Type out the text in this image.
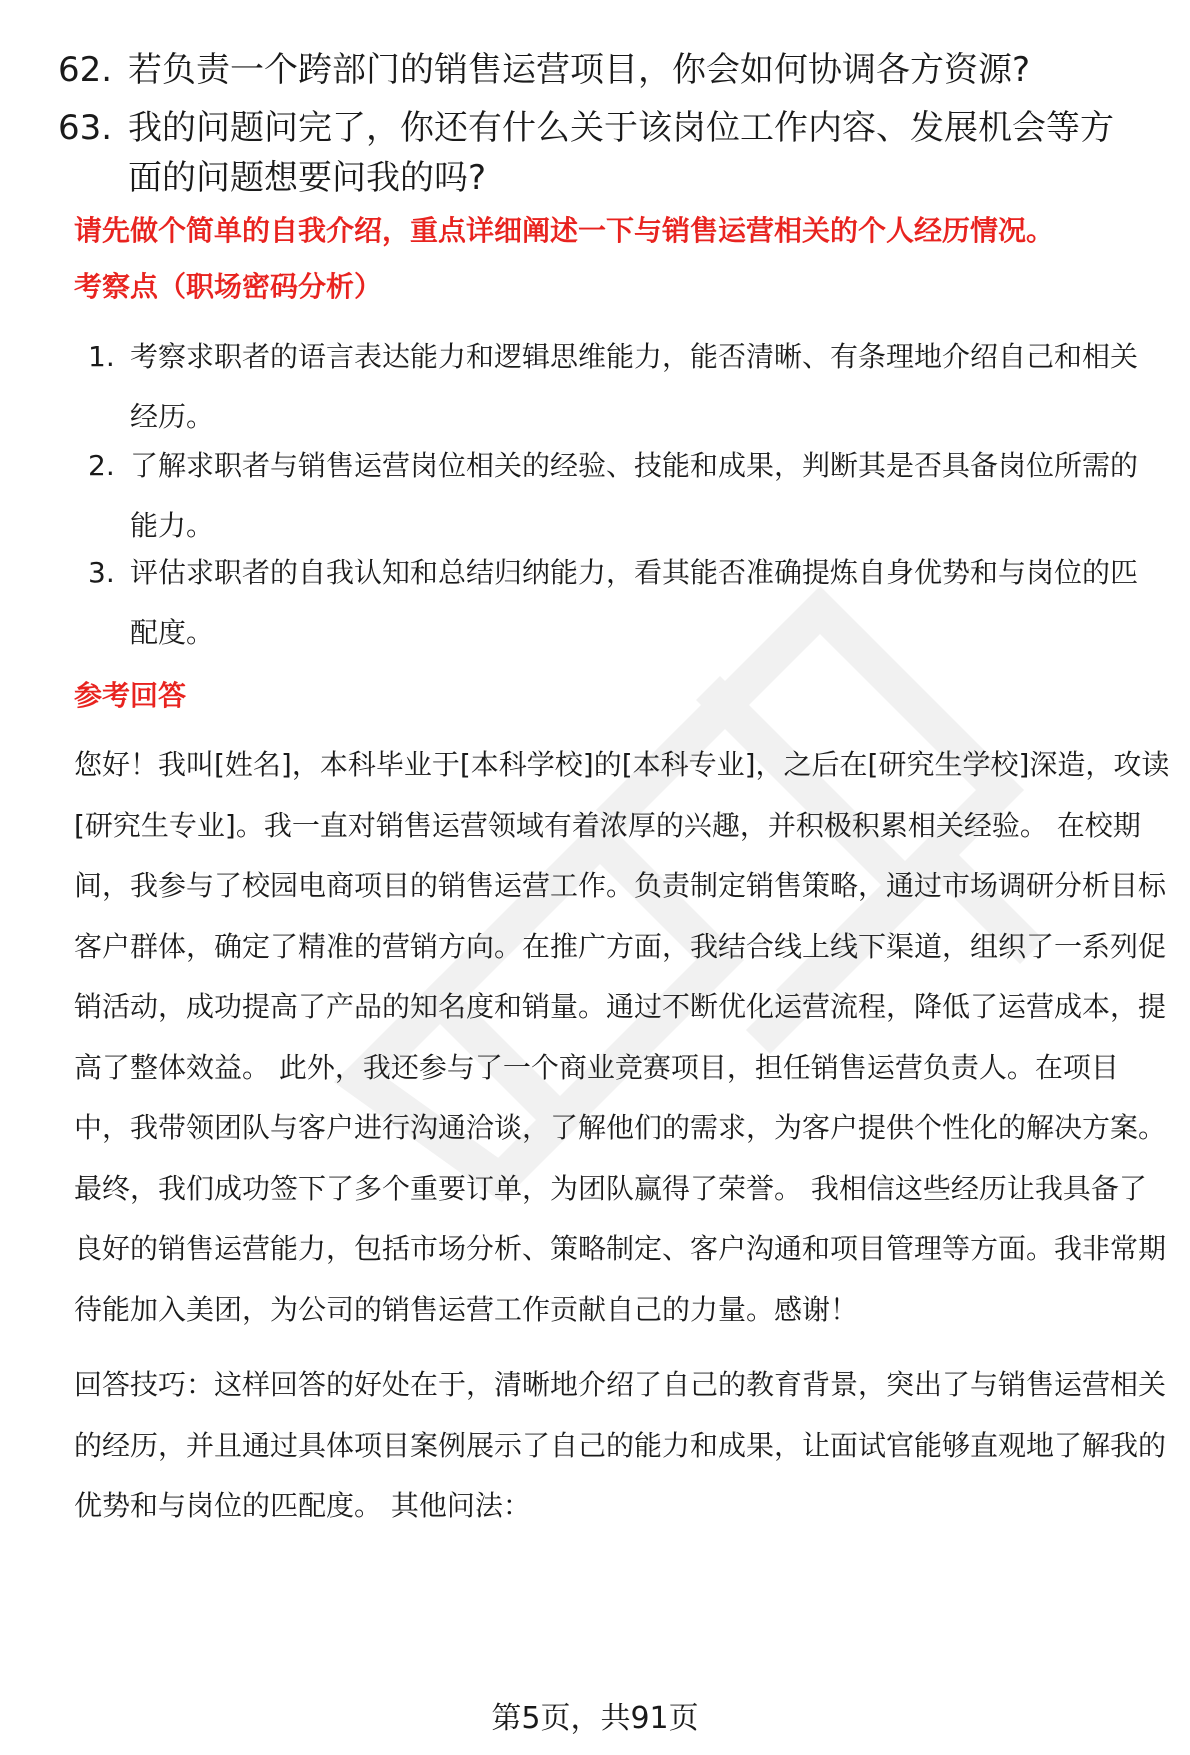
62. 若负责一个跨部门的销售运营项目，你会如何协调各方资源?
63. 我的问题问完了，你还有什么关于该岗位工作内容、发展机会等方面的问题想要问我的吗?
请先做个简单的自我介绍，重点详细阐述一下与销售运营相关的个人经历情况。
考察点（职场密码分析）
1. 考察求职者的语言表达能力和逻辑思维能力，能否清晰、有条理地介绍自己和相关经历。
2. 了解求职者与销售运营岗位相关的经验、技能和成果，判断其是否具备岗位所需的能力。
3. 评估求职者的自我认知和总结归纳能力，看其能否准确提炼自身优势和与岗位的匹配度。
参考回答
您好！我叫[姓名]，本科毕业于[本科学校]的[本科专业]，之后在[研究生学校]深造，攻读[研究生专业]。我一直对销售运营领域有着浓厚的兴趣，并积极积累相关经验。 在校期间，我参与了校园电商项目的销售运营工作。负责制定销售策略，通过市场调研分析目标客户群体，确定了精准的营销方向。在推广方面，我结合线上线下渠道，组织了一系列促销活动，成功提高了产品的知名度和销量。通过不断优化运营流程，降低了运营成本，提高了整体效益。 此外，我还参与了一个商业竞赛项目，担任销售运营负责人。在项目中，我带领团队与客户进行沟通洽谈，了解他们的需求，为客户提供个性化的解决方案。最终，我们成功签下了多个重要订单，为团队赢得了荣誉。 我相信这些经历让我具备了良好的销售运营能力，包括市场分析、策略制定、客户沟通和项目管理等方面。我非常期待能加入美团，为公司的销售运营工作贡献自己的力量。感谢！
回答技巧：这样回答的好处在于，清晰地介绍了自己的教育背景，突出了与销售运营相关的经历，并且通过具体项目案例展示了自己的能力和成果，让面试官能够直观地了解我的优势和与岗位的匹配度。 其他问法：
第5页，共91页
